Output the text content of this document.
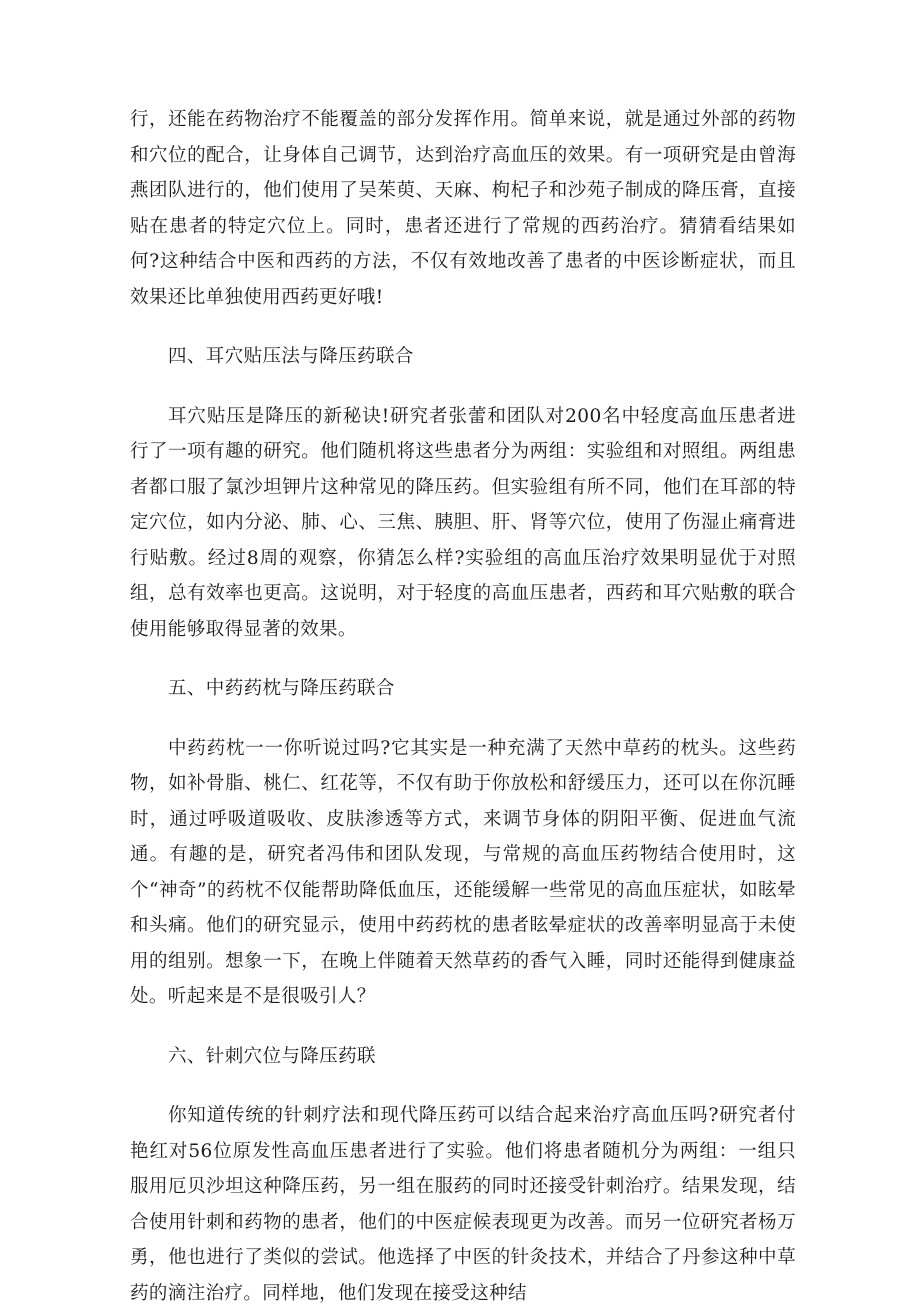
行，还能在药物治疗不能覆盖的部分发挥作用。简单来说，就是通过外部的药物和穴位的配合，让身体自己调节，达到治疗高血压的效果。有一项研究是由曾海燕团队进行的，他们使用了吴茱萸、天麻、枸杞子和沙苑子制成的降压膏，直接贴在患者的特定穴位上。同时，患者还进行了常规的西药治疗。猜猜看结果如何?这种结合中医和西药的方法，不仅有效地改善了患者的中医诊断症状，而且效果还比单独使用西药更好哦!

四、耳穴贴压法与降压药联合

耳穴贴压是降压的新秘诀!研究者张蕾和团队对200名中轻度高血压患者进行了一项有趣的研究。他们随机将这些患者分为两组：实验组和对照组。两组患者都口服了氯沙坦钾片这种常见的降压药。但实验组有所不同，他们在耳部的特定穴位，如内分泌、肺、心、三焦、胰胆、肝、肾等穴位，使用了伤湿止痛膏进行贴敷。经过8周的观察，你猜怎么样?实验组的高血压治疗效果明显优于对照组，总有效率也更高。这说明，对于轻度的高血压患者，西药和耳穴贴敷的联合使用能够取得显著的效果。

五、中药药枕与降压药联合

中药药枕一一你听说过吗?它其实是一种充满了天然中草药的枕头。这些药物，如补骨脂、桃仁、红花等，不仅有助于你放松和舒缓压力，还可以在你沉睡时，通过呼吸道吸收、皮肤渗透等方式，来调节身体的阴阳平衡、促进血气流通。有趣的是，研究者冯伟和团队发现，与常规的高血压药物结合使用时，这个“神奇”的药枕不仅能帮助降低血压，还能缓解一些常见的高血压症状，如眩晕和头痛。他们的研究显示，使用中药药枕的患者眩晕症状的改善率明显高于未使用的组别。想象一下，在晚上伴随着天然草药的香气入睡，同时还能得到健康益处。听起来是不是很吸引人？

六、针刺穴位与降压药联

你知道传统的针刺疗法和现代降压药可以结合起来治疗高血压吗?研究者付艳红对56位原发性高血压患者进行了实验。他们将患者随机分为两组：一组只服用厄贝沙坦这种降压药，另一组在服药的同时还接受针刺治疗。结果发现，结合使用针刺和药物的患者，他们的中医症候表现更为改善。而另一位研究者杨万勇，他也进行了类似的尝试。他选择了中医的针灸技术，并结合了丹参这种中草药的滴注治疗。同样地，他们发现在接受这种结
